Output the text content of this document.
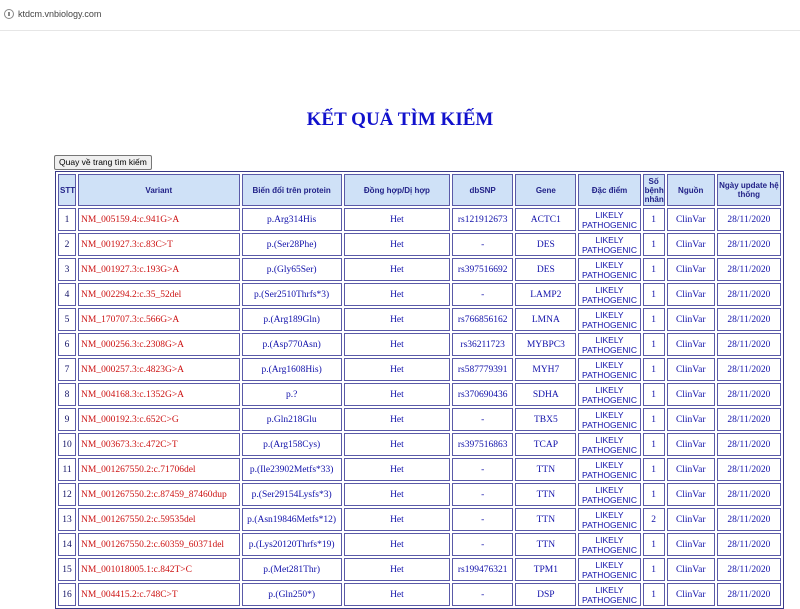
ktdcm.vnbiology.com
KẾT QUẢ TÌM KIẾM
Quay về trang tìm kiếm
STT	Variant	Biến đổi trên protein	Đồng hợp/Dị hợp	dbSNP	Gene	Đặc điểm	Số bệnh nhân	Nguồn	Ngày update hệ thống
1	NM_005159.4:c.941G>A	p.Arg314His	Het	rs121912673	ACTC1	LIKELY PATHOGENIC	1	ClinVar	28/11/2020
2	NM_001927.3:c.83C>T	p.(Ser28Phe)	Het	-	DES	LIKELY PATHOGENIC	1	ClinVar	28/11/2020
3	NM_001927.3:c.193G>A	p.(Gly65Ser)	Het	rs397516692	DES	LIKELY PATHOGENIC	1	ClinVar	28/11/2020
4	NM_002294.2:c.35_52del	p.(Ser2510Thrfs*3)	Het	-	LAMP2	LIKELY PATHOGENIC	1	ClinVar	28/11/2020
5	NM_170707.3:c.566G>A	p.(Arg189Gln)	Het	rs766856162	LMNA	LIKELY PATHOGENIC	1	ClinVar	28/11/2020
6	NM_000256.3:c.2308G>A	p.(Asp770Asn)	Het	rs36211723	MYBPC3	LIKELY PATHOGENIC	1	ClinVar	28/11/2020
7	NM_000257.3:c.4823G>A	p.(Arg1608His)	Het	rs587779391	MYH7	LIKELY PATHOGENIC	1	ClinVar	28/11/2020
8	NM_004168.3:c.1352G>A	p.?	Het	rs370690436	SDHA	LIKELY PATHOGENIC	1	ClinVar	28/11/2020
9	NM_000192.3:c.652C>G	p.Gln218Glu	Het	-	TBX5	LIKELY PATHOGENIC	1	ClinVar	28/11/2020
10	NM_003673.3:c.472C>T	p.(Arg158Cys)	Het	rs397516863	TCAP	LIKELY PATHOGENIC	1	ClinVar	28/11/2020
11	NM_001267550.2:c.71706del	p.(Ile23902Metfs*33)	Het	-	TTN	LIKELY PATHOGENIC	1	ClinVar	28/11/2020
12	NM_001267550.2:c.87459_87460dup	p.(Ser29154Lysfs*3)	Het	-	TTN	LIKELY PATHOGENIC	1	ClinVar	28/11/2020
13	NM_001267550.2:c.59535del	p.(Asn19846Metfs*12)	Het	-	TTN	LIKELY PATHOGENIC	2	ClinVar	28/11/2020
14	NM_001267550.2:c.60359_60371del	p.(Lys20120Thrfs*19)	Het	-	TTN	LIKELY PATHOGENIC	1	ClinVar	28/11/2020
15	NM_001018005.1:c.842T>C	p.(Met281Thr)	Het	rs199476321	TPM1	LIKELY PATHOGENIC	1	ClinVar	28/11/2020
16	NM_004415.2:c.748C>T	p.(Gln250*)	Het	-	DSP	LIKELY PATHOGENIC	1	ClinVar	28/11/2020
